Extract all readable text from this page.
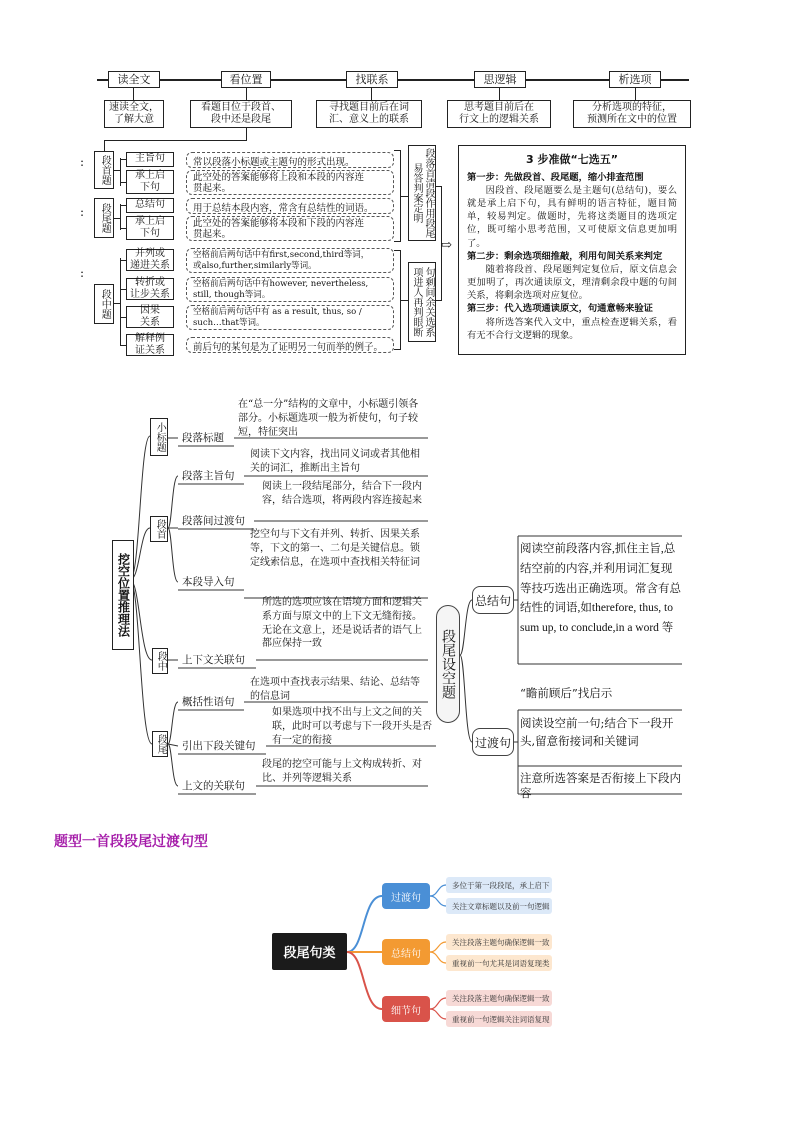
读全文	看位置	找联系	思逻辑	析选项
速读全文，
了解大意
看题目位于段首、
段中还是段尾
寻找题目前后在词
汇、意义上的联系
思考题目前后在
行文上的逻辑关系
分析选项的特征，
预测所在文中的位置
:
:
:
段首题
段尾题
段中题
主旨句
承上启
下句
总结句
承上启
下句
并列或
递进关系
转折或
让步关系
因果
关系
解释例
证关系
常以段落小标题或主题句的形式出现。
此空处的答案能够将上段和本段的内容连
贯起来。
用于总结本段内容，常含有总结性的词语。
此空处的答案能够将本段和下段的内容连
贯起来。
空格前后两句话中有first,second,third等词，
或also,further,similarly等词。
空格前后两句话中有however, nevertheless,
still, though等词。
空格前后两句话中有 as a result, thus, so /
such…that等词。
前后句的某句是为了证明另一句而举的例子。
段落首清段作用段尾易答判案定明
句剩间余关选系项进人再判眼断
⇨
3 步准做“七选五”
第一步：先做段首、段尾题，缩小排查范围
因段首、段尾题要么是主题句(总结句)，要么就是承上启下句，具有鲜明的语言特征，题目简单，较易判定。做题时，先将这类题目的选项定位，既可缩小思考范围，又可使原文信息更加明了。
第二步：剩余选项细推敲，利用句间关系来判定
随着将段首、段尾题判定复位后，原文信息会更加明了，再次通读原文，理清剩余段中题的句间关系，将剩余选项对应复位。
第三步：代入选项通读原文，句通意畅来验证
将所选答案代入文中，重点检查逻辑关系，看有无不合行文逻辑的现象。
挖空位置推理法
小标题
段首
段中
段尾
段落标题
段落主旨句
段落间过渡句
本段导入句
上下文关联句
概括性语句
引出下段关键句
上文的关联句
在“总一分”结构的文章中，小标题引领各部分。小标题选项一般为祈使句，句子较短，特征突出
阅读下文内容，找出同义词或者其他相关的词汇，推断出主旨句
阅读上一段结尾部分，结合下一段内容，结合选项，将两段内容连接起来
挖空句与下文有并列、转折、因果关系等，下文的第一、二句是关键信息。锁定线索信息，在选项中查找相关特征词
所选的选项应该在语境方面和逻辑关系方面与原文中的上下文无缝衔接。无论在文意上，还是说话者的语气上都应保持一致
在选项中查找表示结果、结论、总结等的信息词
如果选项中找不出与上文之间的关联，此时可以考虑与下一段开头是否有一定的衔接
段尾的挖空可能与上文构成转折、对比、并列等逻辑关系
段尾设空题
总结句
过渡句
阅读空前段落内容,抓住主旨,总结空前的内容,并利用词汇复现等技巧选出正确选项。常含有总结性的词语,如therefore, thus, to sum up, to conclude,in a word 等
“瞻前顾后”找启示
阅读设空前一句;结合下一段开头,留意衔接词和关键词
注意所选答案是否衔接上下段内容
题型一首段段尾过渡句型
段尾句类
过渡句
总结句
细节句
多位于第一段段尾，承上启下
关注文章标题以及前一句逻辑
关注段落主题句确保逻辑一致
重视前一句尤其是词语复现类
关注段落主题句确保逻辑一致
重视前一句逻辑关注词语复现
